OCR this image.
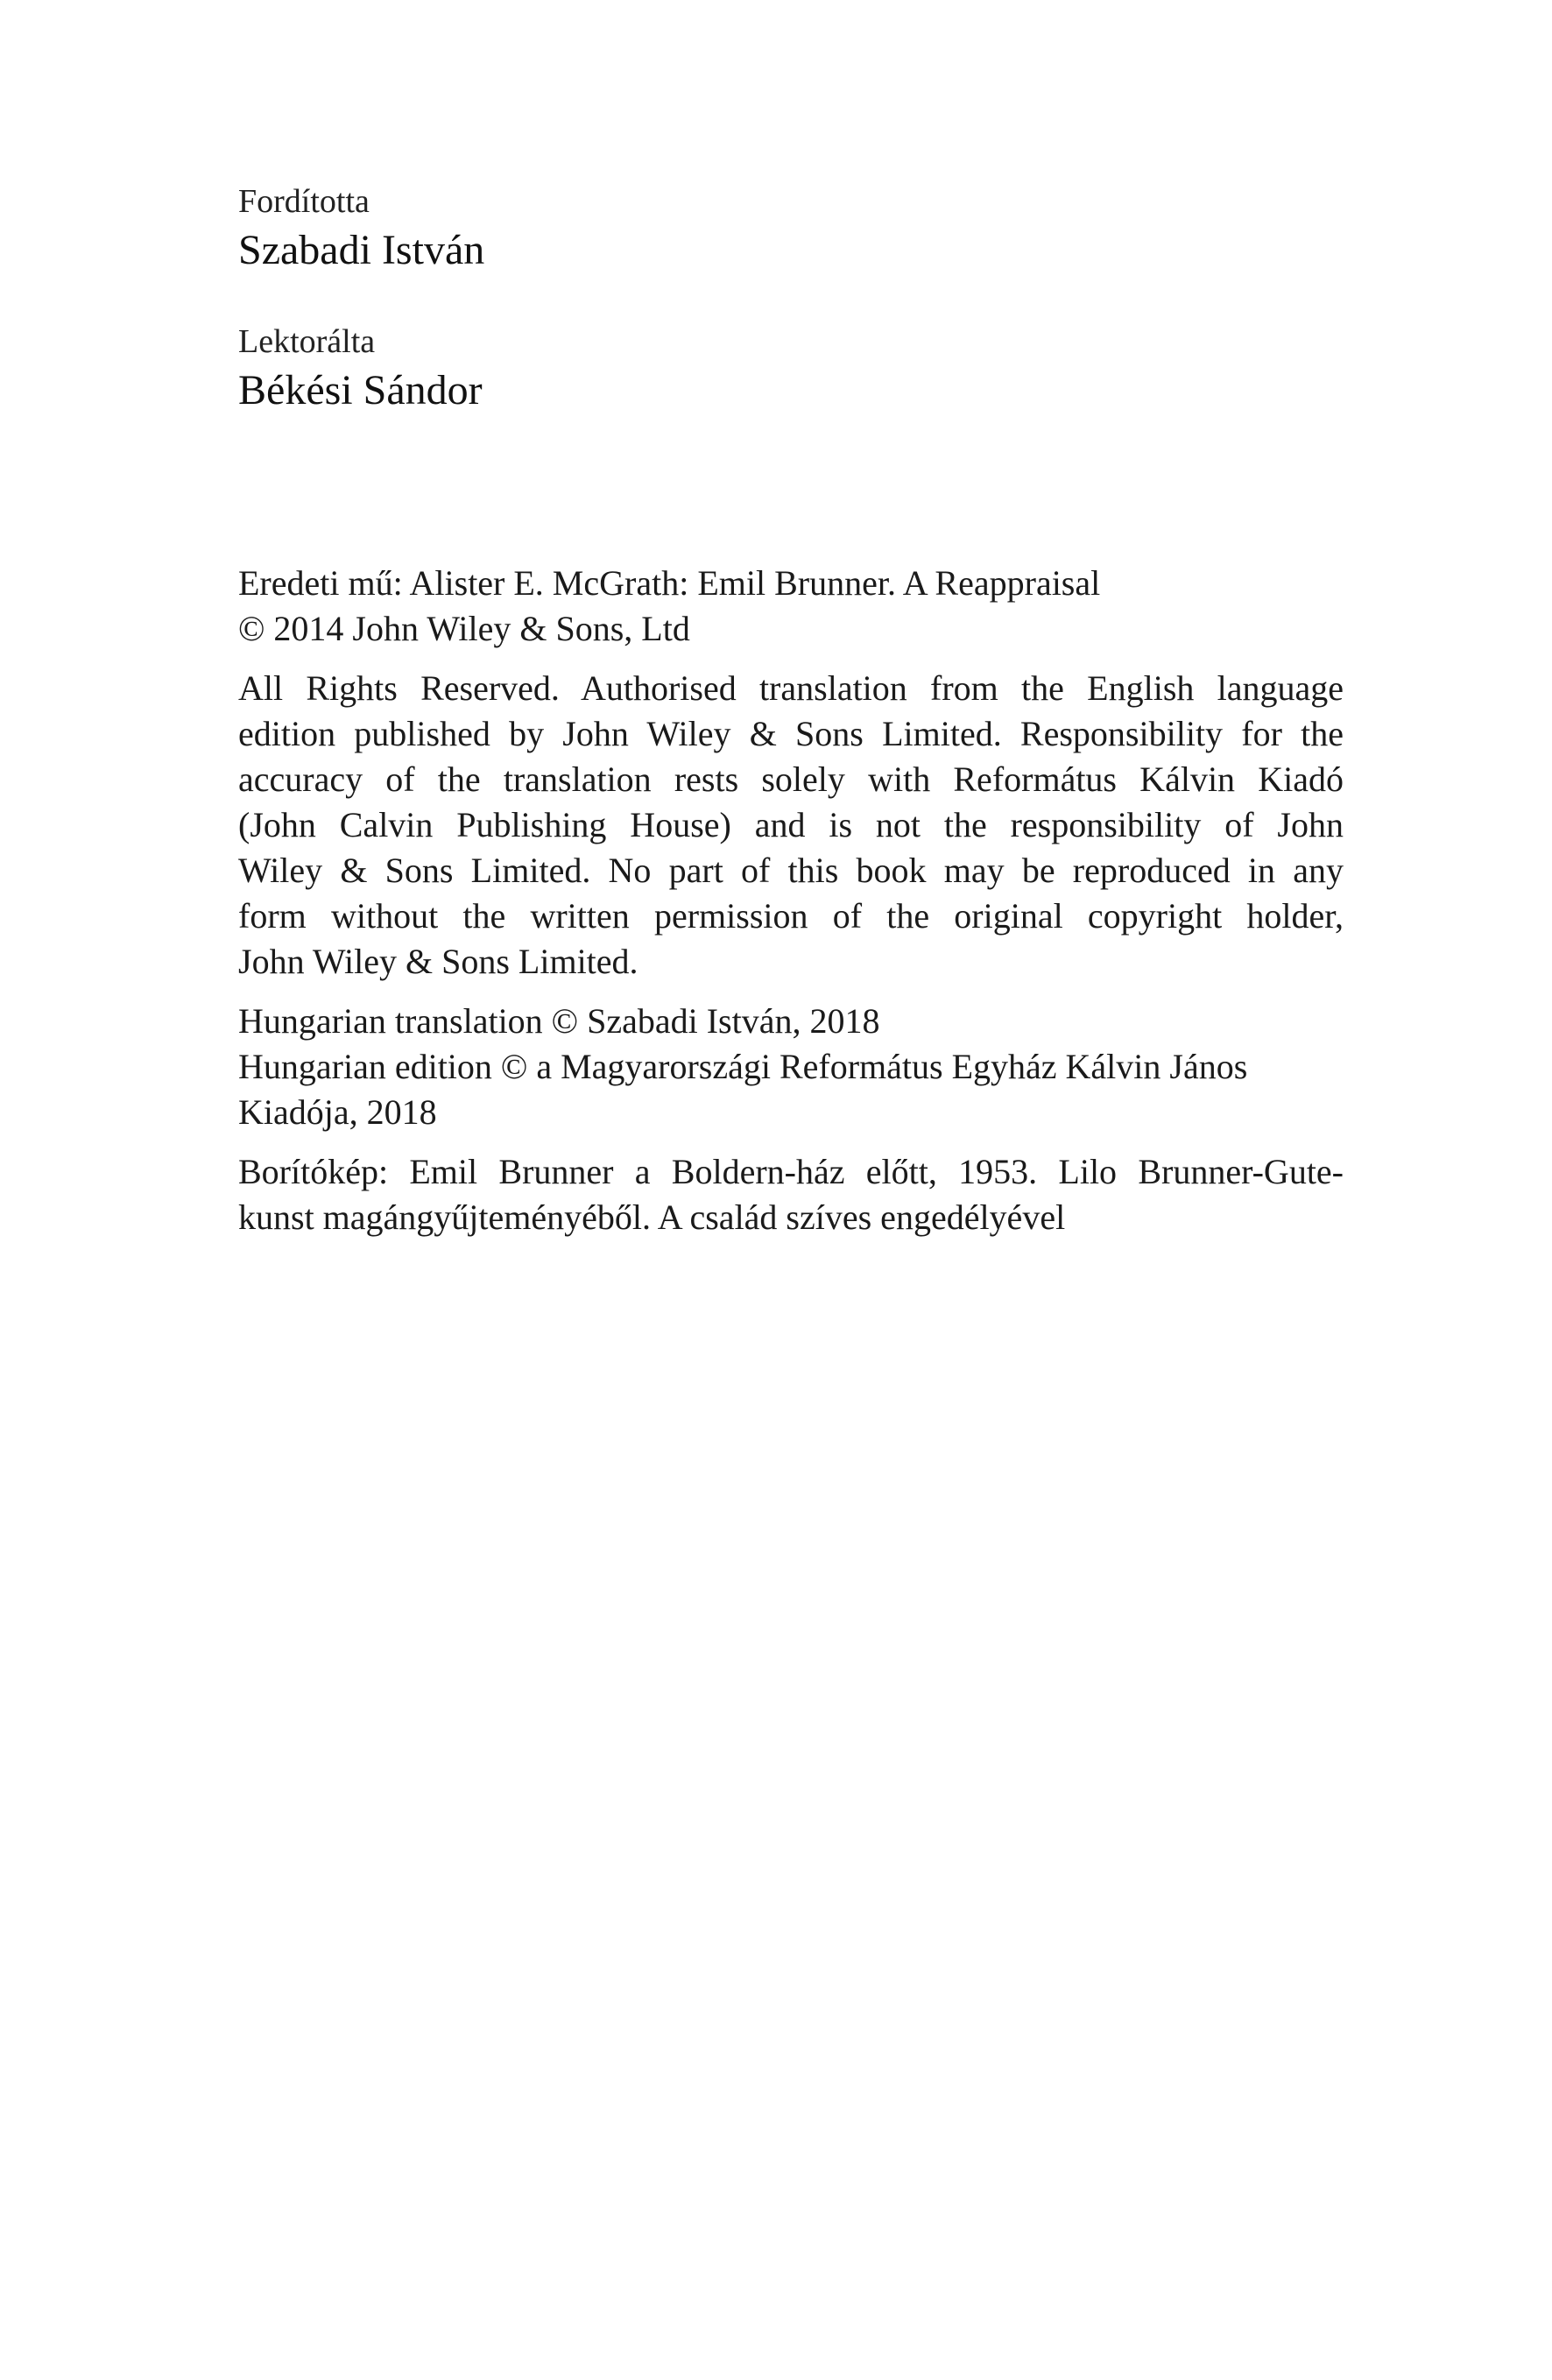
Fordította
Szabadi István
Lektorálta
Békési Sándor

Eredeti mű: Alister E. McGrath: Emil Brunner. A Reappraisal
© 2014 John Wiley & Sons, Ltd

All Rights Reserved. Authorised translation from the English language
edition published by John Wiley & Sons Limited. Responsibility for the
accuracy of the translation rests solely with Református Kálvin Kiadó
(John Calvin Publishing House) and is not the responsibility of John
Wiley & Sons Limited. No part of this book may be reproduced in any
form without the written permission of the original copyright holder,
John Wiley & Sons Limited.

Hungarian translation © Szabadi István, 2018
Hungarian edition © a Magyarországi Református Egyház Kálvin János
Kiadója, 2018

Borítókép: Emil Brunner a Boldern-ház előtt, 1953. Lilo Brunner-Gute-
kunst magángyűjteményéből. A család szíves engedélyével
